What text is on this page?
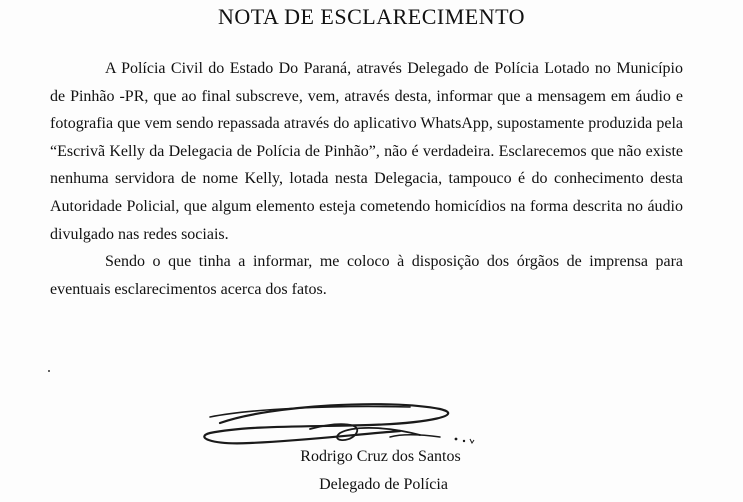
NOTA DE ESCLARECIMENTO

A Polícia Civil do Estado Do Paraná, através Delegado de Polícia Lotado no Município de Pinhão -PR, que ao final subscreve, vem, através desta, informar que a mensagem em áudio e fotografia que vem sendo repassada através do aplicativo WhatsApp, supostamente produzida pela “Escrivã Kelly da Delegacia de Polícia de Pinhão”, não é verdadeira. Esclarecemos que não existe nenhuma servidora de nome Kelly, lotada nesta Delegacia, tampouco é do conhecimento desta Autoridade Policial, que algum elemento esteja cometendo homicídios na forma descrita no áudio divulgado nas redes sociais.

Sendo o que tinha a informar, me coloco à disposição dos órgãos de imprensa para eventuais esclarecimentos acerca dos fatos.

Rodrigo Cruz dos Santos
Delegado de Polícia
